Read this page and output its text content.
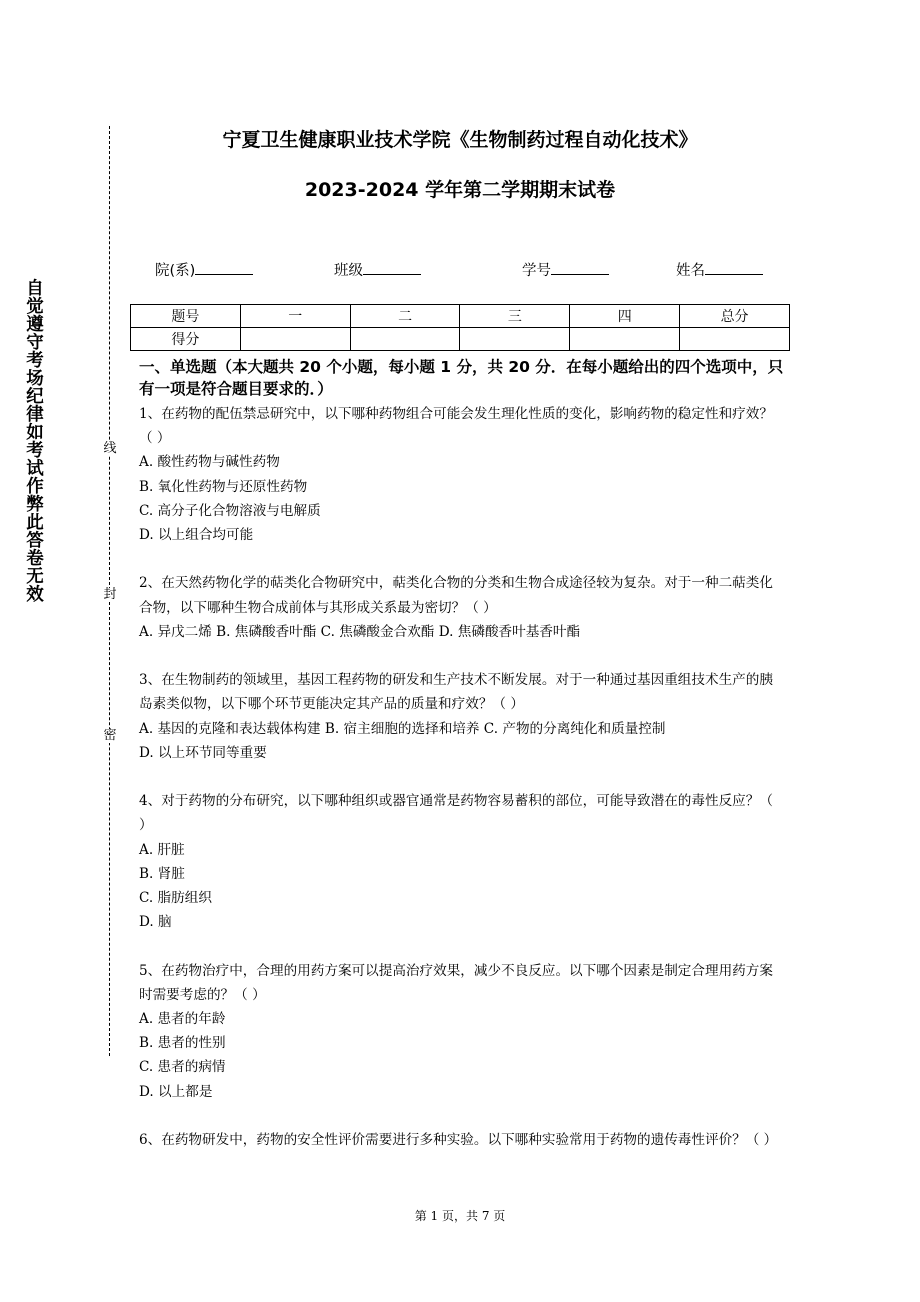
自觉遵守考场纪律如考试作弊此答卷无效
线
封
密
宁夏卫生健康职业技术学院《生物制药过程自动化技术》
2023-2024 学年第二学期期末试卷
院(系)	班级	学号	姓名
题号	一	二	三	四	总分
得分					
一、单选题（本大题共 20 个小题，每小题 1 分，共 20 分．在每小题给出的四个选项中，只有一项是符合题目要求的．）

1、在药物的配伍禁忌研究中，以下哪种药物组合可能会发生理化性质的变化，影响药物的稳定性和疗效？（ ）

A. 酸性药物与碱性药物

B. 氧化性药物与还原性药物

C. 高分子化合物溶液与电解质

D. 以上组合均可能

2、在天然药物化学的萜类化合物研究中，萜类化合物的分类和生物合成途径较为复杂。对于一种二萜类化合物，以下哪种生物合成前体与其形成关系最为密切？（ ）

A. 异戊二烯 B. 焦磷酸香叶酯 C. 焦磷酸金合欢酯 D. 焦磷酸香叶基香叶酯

3、在生物制药的领域里，基因工程药物的研发和生产技术不断发展。对于一种通过基因重组技术生产的胰岛素类似物，以下哪个环节更能决定其产品的质量和疗效？（ ）

A. 基因的克隆和表达载体构建 B. 宿主细胞的选择和培养 C. 产物的分离纯化和质量控制

D. 以上环节同等重要

4、对于药物的分布研究，以下哪种组织或器官通常是药物容易蓄积的部位，可能导致潜在的毒性反应？（ ）

A. 肝脏

B. 肾脏

C. 脂肪组织

D. 脑

5、在药物治疗中，合理的用药方案可以提高治疗效果，减少不良反应。以下哪个因素是制定合理用药方案时需要考虑的？（ ）

A. 患者的年龄

B. 患者的性别

C. 患者的病情

D. 以上都是

6、在药物研发中，药物的安全性评价需要进行多种实验。以下哪种实验常用于药物的遗传毒性评价？（ ）

第 1 页，共 7 页
